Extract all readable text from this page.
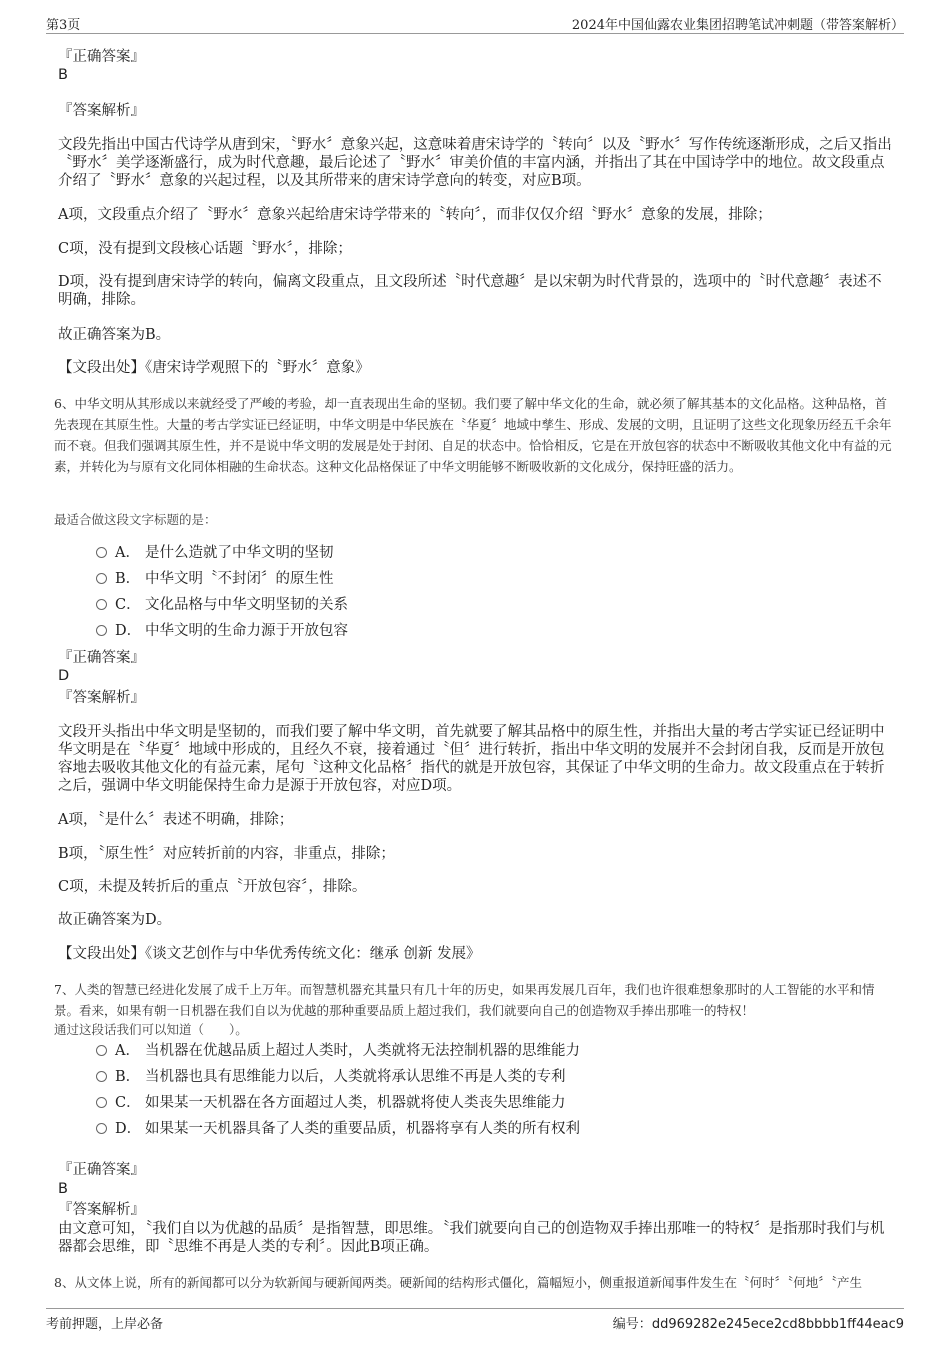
第3页	2024年中国仙露农业集团招聘笔试冲刺题（带答案解析）
『正确答案』
B
『答案解析』
文段先指出中国古代诗学从唐到宋，〝野水〞意象兴起，这意味着唐宋诗学的〝转向〞以及〝野水〞写作传统逐渐形成，之后又指出〝野水〞美学逐渐盛行，成为时代意趣，最后论述了〝野水〞审美价值的丰富内涵，并指出了其在中国诗学中的地位。故文段重点介绍了〝野水〞意象的兴起过程，以及其所带来的唐宋诗学意向的转变，对应B项。
A项，文段重点介绍了〝野水〞意象兴起给唐宋诗学带来的〝转向〞，而非仅仅介绍〝野水〞意象的发展，排除；
C项，没有提到文段核心话题〝野水〞，排除；
D项，没有提到唐宋诗学的转向，偏离文段重点，且文段所述〝时代意趣〞是以宋朝为时代背景的，选项中的〝时代意趣〞表述不明确，排除。
故正确答案为B。
【文段出处】《唐宋诗学观照下的〝野水〞意象》
6、中华文明从其形成以来就经受了严峻的考验，却一直表现出生命的坚韧。我们要了解中华文化的生命，就必须了解其基本的文化品格。这种品格，首先表现在其原生性。大量的考古学实证已经证明，中华文明是中华民族在〝华夏〞地域中孳生、形成、发展的文明，且证明了这些文化现象历经五千余年而不衰。但我们强调其原生性，并不是说中华文明的发展是处于封闭、自足的状态中。恰恰相反，它是在开放包容的状态中不断吸收其他文化中有益的元素，并转化为与原有文化同体相融的生命状态。这种文化品格保证了中华文明能够不断吸收新的文化成分，保持旺盛的活力。
最适合做这段文字标题的是：
A． 是什么造就了中华文明的坚韧
B． 中华文明〝不封闭〞的原生性
C． 文化品格与中华文明坚韧的关系
D． 中华文明的生命力源于开放包容
『正确答案』
D
『答案解析』
文段开头指出中华文明是坚韧的，而我们要了解中华文明，首先就要了解其品格中的原生性，并指出大量的考古学实证已经证明中华文明是在〝华夏〞地域中形成的，且经久不衰，接着通过〝但〞进行转折，指出中华文明的发展并不会封闭自我，反而是开放包容地去吸收其他文化的有益元素，尾句〝这种文化品格〞指代的就是开放包容，其保证了中华文明的生命力。故文段重点在于转折之后，强调中华文明能保持生命力是源于开放包容，对应D项。
A项，〝是什么〞表述不明确，排除；
B项，〝原生性〞对应转折前的内容，非重点，排除；
C项，未提及转折后的重点〝开放包容〞，排除。
故正确答案为D。
【文段出处】《谈文艺创作与中华优秀传统文化：继承 创新 发展》
7、人类的智慧已经进化发展了成千上万年。而智慧机器充其量只有几十年的历史，如果再发展几百年，我们也许很难想象那时的人工智能的水平和情景。看来，如果有朝一日机器在我们自以为优越的那种重要品质上超过我们，我们就要向自己的创造物双手捧出那唯一的特权！
通过这段话我们可以知道（　　）。
A． 当机器在优越品质上超过人类时，人类就将无法控制机器的思维能力
B． 当机器也具有思维能力以后，人类就将承认思维不再是人类的专利
C． 如果某一天机器在各方面超过人类，机器就将使人类丧失思维能力
D． 如果某一天机器具备了人类的重要品质，机器将享有人类的所有权利
『正确答案』
B
『答案解析』
由文意可知，〝我们自以为优越的品质〞是指智慧，即思维。〝我们就要向自己的创造物双手捧出那唯一的特权〞是指那时我们与机器都会思维，即〝思维不再是人类的专利〞。因此B项正确。
8、从文体上说，所有的新闻都可以分为软新闻与硬新闻两类。硬新闻的结构形式僵化，篇幅短小，侧重报道新闻事件发生在〝何时〞〝何地〞〝产生
考前押题，上岸必备	编号：dd969282e245ece2cd8bbbb1ff44eac9
